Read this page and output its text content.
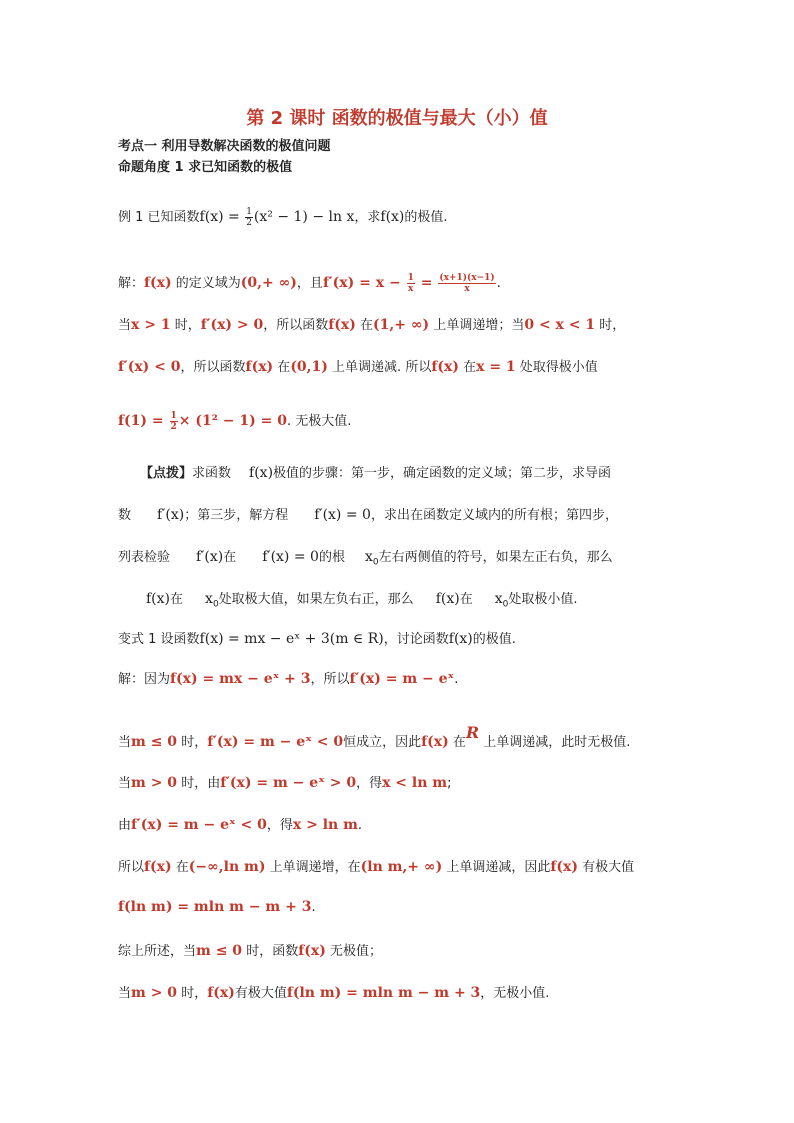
第 2 课时 函数的极值与最大（小）值
考点一 利用导数解决函数的极值问题
命题角度 1 求已知函数的极值
例 1 已知函数$f(x) = \frac{1}{2} (x^2 - 1) - \ln x$，求f(x)的极值.
解：f(x) 的定义域为(0,+ ∞)，且$f'(x) = x - \frac{1}{x} = \frac{(x+1)(x-1)}{x}$ .
当x > 1 时，f′(x) > 0，所以函数f(x) 在(1,+ ∞) 上单调递增；当0 < x < 1 时，
f′(x) < 0，所以函数f(x) 在(0,1) 上单调递减. 所以f(x) 在x = 1 处取得极小值
$f(1) = \frac{1}{2} \times (1^2 - 1) = 0$. 无极大值.
【点拨】求函数 f(x)极值的步骤：第一步，确定函数的定义域；第二步，求导函
数 f′(x)；第三步，解方程 f′(x) = 0，求出在函数定义域内的所有根；第四步，
列表检验 f′(x)在 f′(x) = 0的根 $x_0$左右两侧值的符号，如果左正右负，那么
f(x)在 $x_0$处取极大值，如果左负右正，那么 f(x)在 $x_0$处取极小值.
变式 1 设函数f(x) = mx − eˣ + 3(m ∈ R)，讨论函数f(x)的极值.
解：因为f(x) = mx − eˣ + 3，所以f′(x) = m − eˣ.
当m ≤ 0 时，f′(x) = m − eˣ < 0恒成立，因此f(x) 在R 上单调递减，此时无极值.
当m > 0 时，由f′(x) = m − eˣ > 0，得x < ln m;
由f′(x) = m − eˣ < 0，得x > ln m.
所以f(x) 在(−∞,ln m) 上单调递增，在(ln m,+ ∞) 上单调递减，因此f(x) 有极大值
f(ln m) = mln m − m + 3.
综上所述，当m ≤ 0 时，函数f(x) 无极值；
当m > 0 时，f(x)有极大值f(ln m) = mln m − m + 3，无极小值.
